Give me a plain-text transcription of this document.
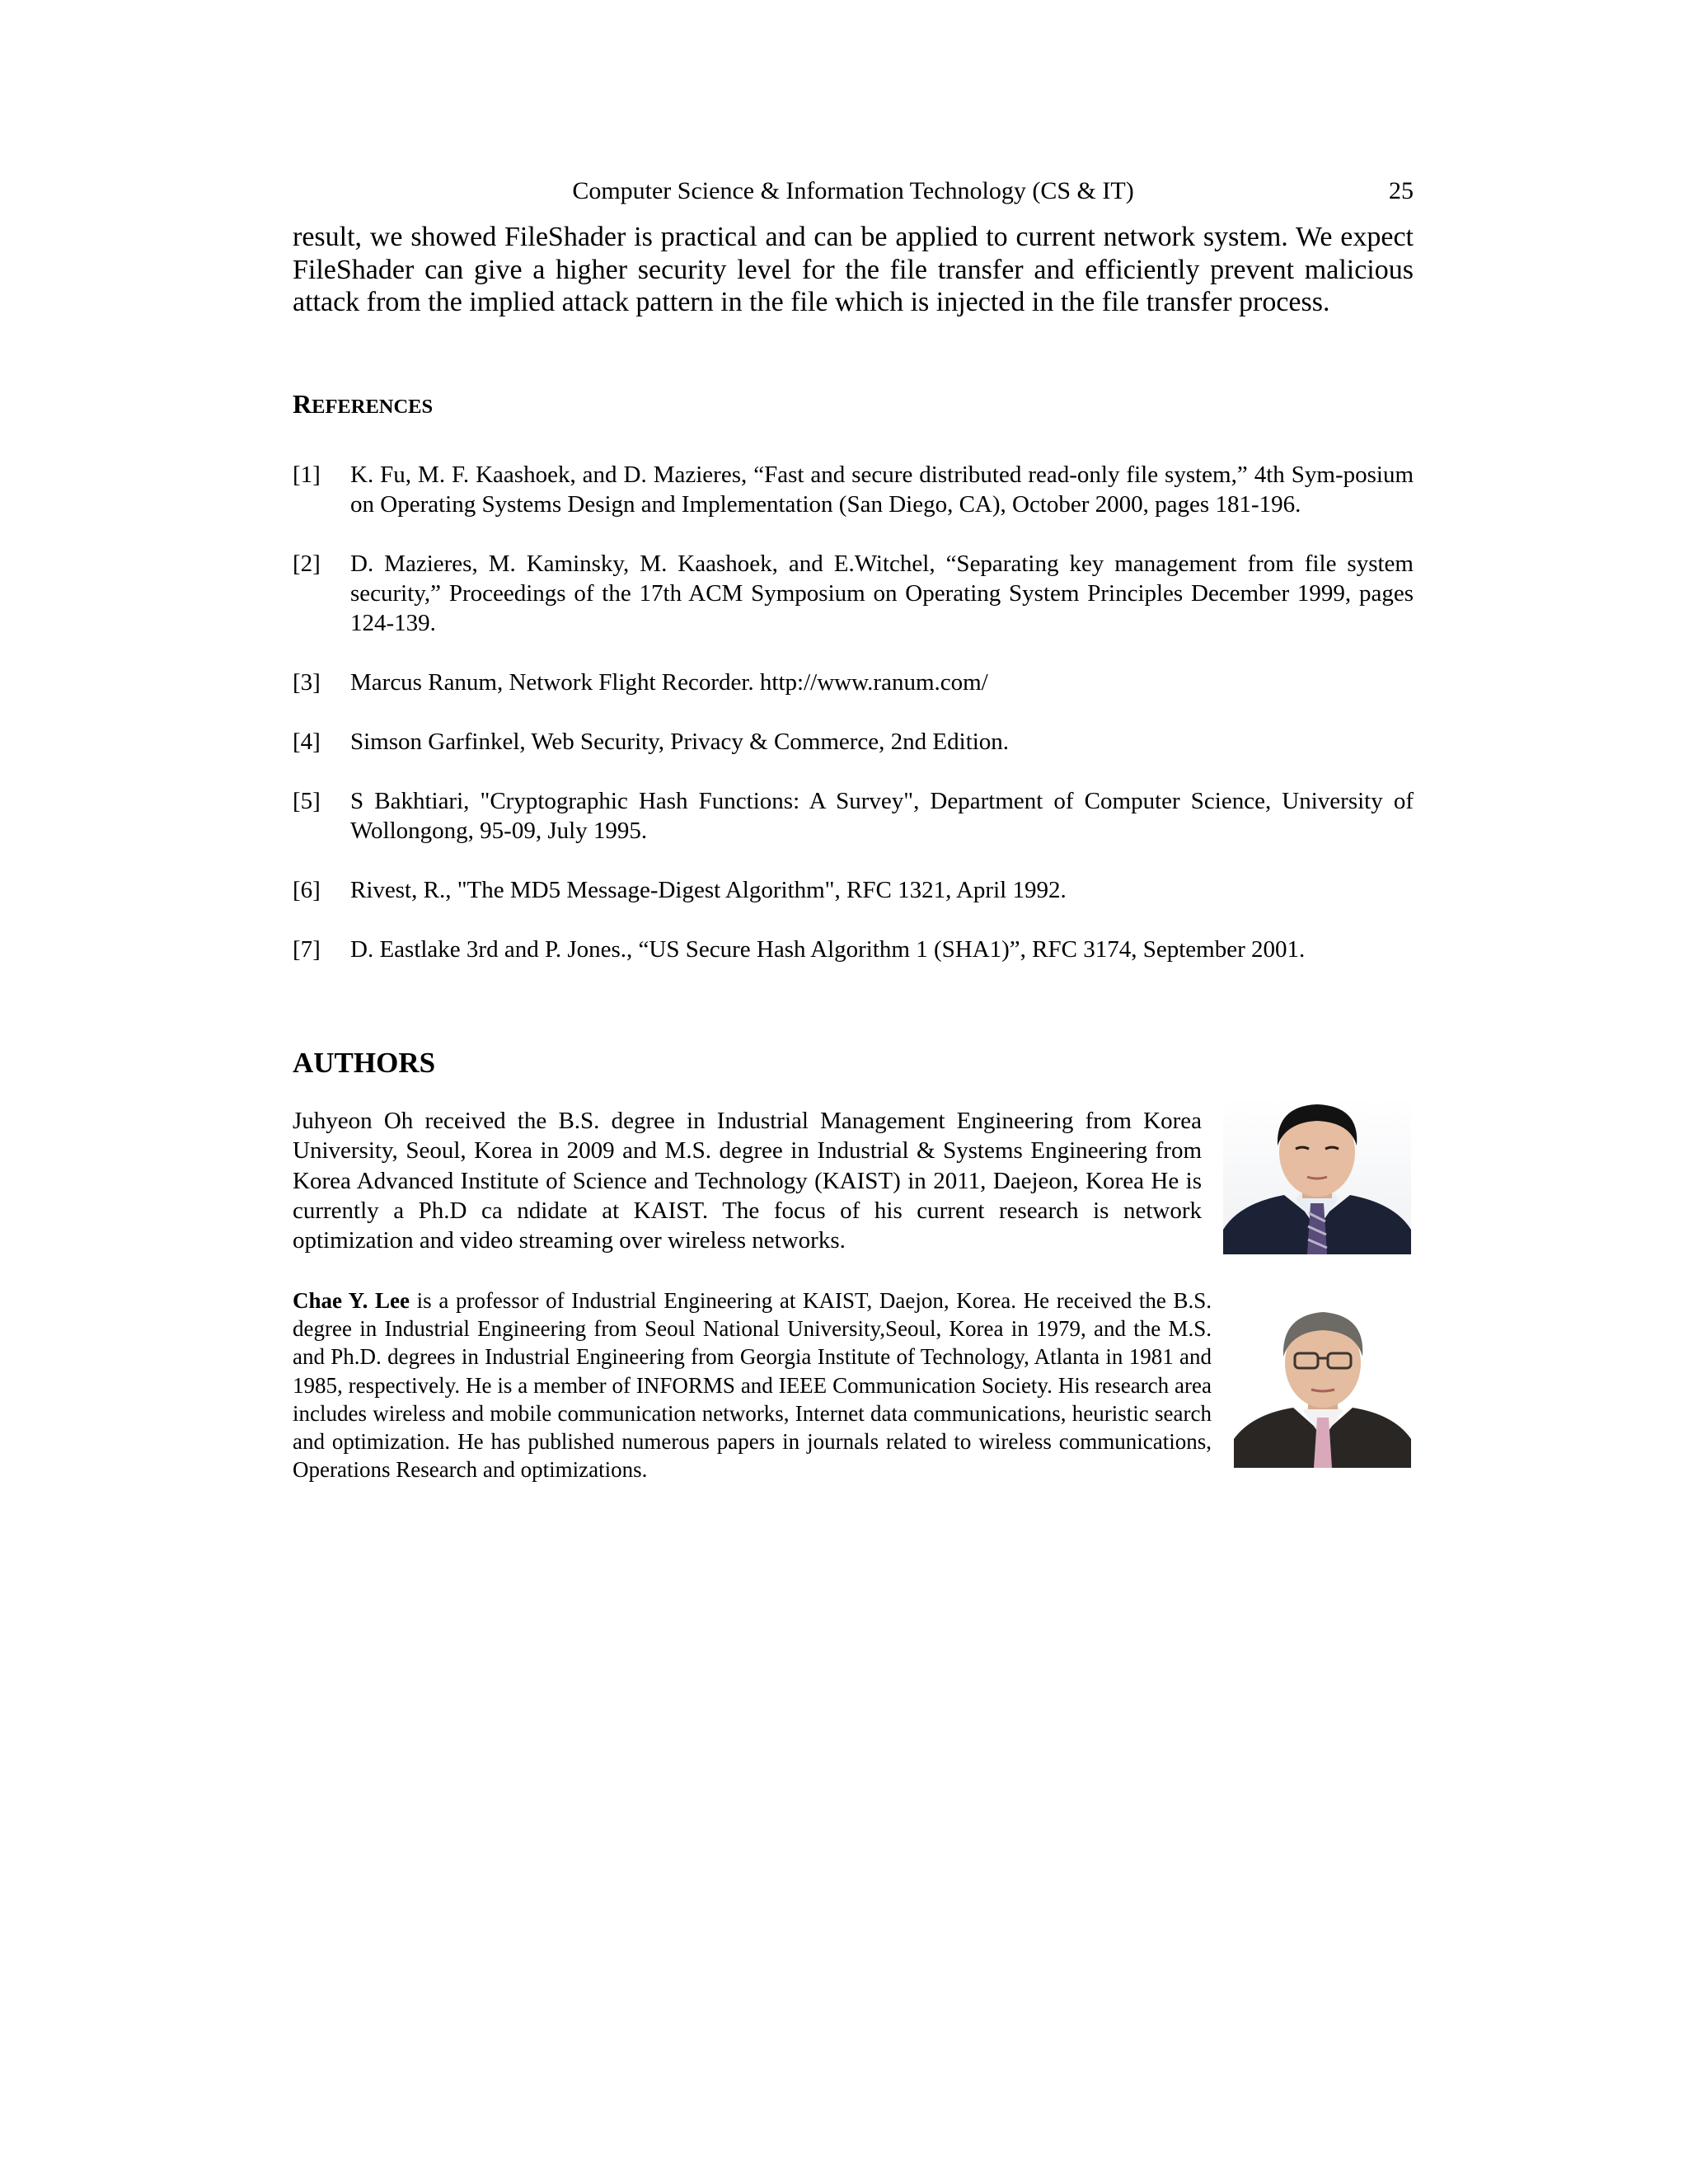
Computer Science & Information Technology (CS & IT)	25

result, we showed FileShader is practical and can be applied to current network system. We expect FileShader can give a higher security level for the file transfer and efficiently prevent malicious attack from the implied attack pattern in the file which is injected in the file transfer process.

REFERENCES
[1]	K. Fu, M. F. Kaashoek, and D. Mazieres, “Fast and secure distributed read-only file system,” 4th Sym-posium on Operating Systems Design and Implementation (San Diego, CA), October 2000, pages 181-196.
[2]	D. Mazieres, M. Kaminsky, M. Kaashoek, and E.Witchel, “Separating key management from file system security,” Proceedings of the 17th ACM Symposium on Operating System Principles December 1999, pages 124-139.
[3]	Marcus Ranum, Network Flight Recorder. http://www.ranum.com/
[4]	Simson Garfinkel, Web Security, Privacy & Commerce, 2nd Edition.
[5]	S Bakhtiari, "Cryptographic Hash Functions: A Survey", Department of Computer Science, University of Wollongong, 95-09, July 1995.
[6]	Rivest, R., "The MD5 Message-Digest Algorithm", RFC 1321, April 1992.
[7]	D. Eastlake 3rd and P. Jones., “US Secure Hash Algorithm 1 (SHA1)”, RFC 3174, September 2001.
AUTHORS

Juhyeon Oh received the B.S. degree in Industrial Management Engineering from Korea University, Seoul, Korea in 2009 and M.S. degree in Industrial & Systems Engineering from Korea Advanced Institute of Science and Technology (KAIST) in 2011, Daejeon, Korea He is currently a Ph.D ca ndidate at KAIST. The focus of his current research is network optimization and video streaming over wireless networks.

Chae Y. Lee is a professor of Industrial Engineering at KAIST, Daejon, Korea. He received the B.S. degree in Industrial Engineering from Seoul National University,Seoul, Korea in 1979, and the M.S. and Ph.D. degrees in Industrial Engineering from Georgia Institute of Technology, Atlanta in 1981 and 1985, respectively. He is a member of INFORMS and IEEE Communication Society. His research area includes wireless and mobile communication networks, Internet data communications, heuristic search and optimization. He has published numerous papers in journals related to wireless communications, Operations Research and optimizations.
